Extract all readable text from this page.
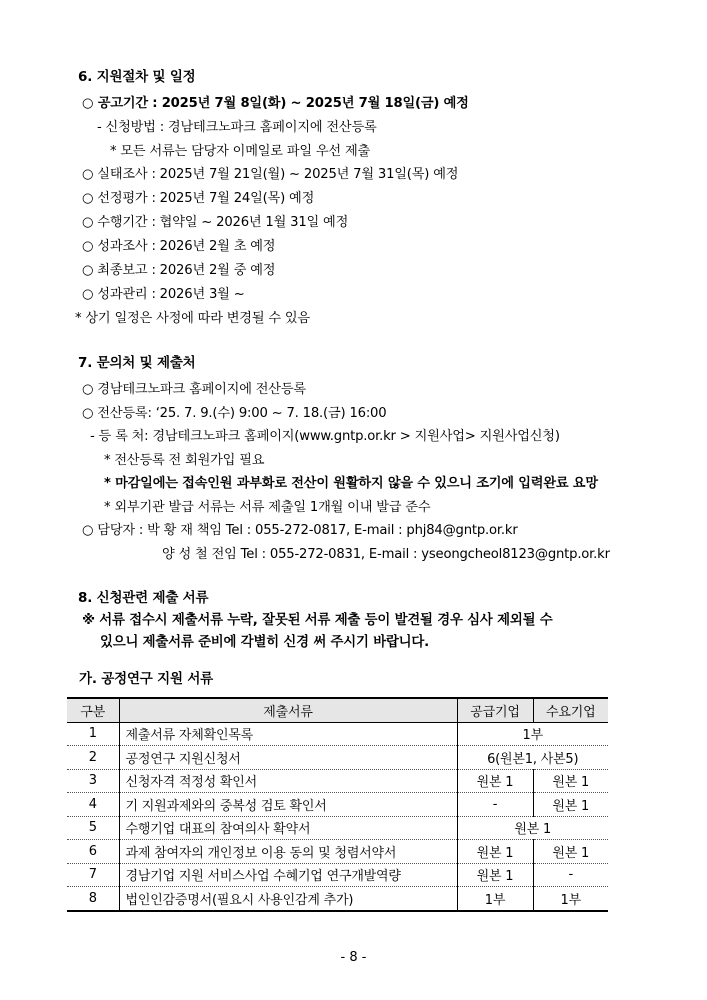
6. 지원절차 및 일정
○ 공고기간 : 2025년 7월 8일(화) ~ 2025년 7월 18일(금) 예정
- 신청방법 : 경남테크노파크 홈페이지에 전산등록
* 모든 서류는 담당자 이메일로 파일 우선 제출
○ 실태조사 : 2025년 7월 21일(월) ~ 2025년 7월 31일(목) 예정
○ 선정평가 : 2025년 7월 24일(목) 예정
○ 수행기간 : 협약일 ~ 2026년 1월 31일 예정
○ 성과조사 : 2026년 2월 초 예정
○ 최종보고 : 2026년 2월 중 예정
○ 성과관리 : 2026년 3월 ~
* 상기 일정은 사정에 따라 변경될 수 있음
7. 문의처 및 제출처
○ 경남테크노파크 홈페이지에 전산등록
○ 전산등록: ‘25. 7. 9.(수) 9:00 ~ 7. 18.(금) 16:00
- 등 록 처: 경남테크노파크 홈페이지(www.gntp.or.kr > 지원사업> 지원사업신청)
* 전산등록 전 회원가입 필요
* 마감일에는 접속인원 과부화로 전산이 원활하지 않을 수 있으니 조기에 입력완료 요망
* 외부기관 발급 서류는 서류 제출일 1개월 이내 발급 준수
○ 담당자 : 박 황 재 책임 Tel : 055-272-0817, E-mail : phj84@gntp.or.kr
양 성 철 전임 Tel : 055-272-0831, E-mail : yseongcheol8123@gntp.or.kr
8. 신청관련 제출 서류
※ 서류 접수시 제출서류 누락, 잘못된 서류 제출 등이 발견될 경우 심사 제외될 수
있으니 제출서류 준비에 각별히 신경 써 주시기 바랍니다.
가. 공정연구 지원 서류
구분	제출서류	공급기업	수요기업
1	제출서류 자체확인목록	1부	
2	공정연구 지원신청서	6(원본1, 사본5)	
3	신청자격 적정성 확인서	원본 1	원본 1
4	기 지원과제와의 중복성 검토 확인서	-	원본 1
5	수행기업 대표의 참여의사 확약서	원본 1	
6	과제 참여자의 개인정보 이용 동의 및 청렴서약서	원본 1	원본 1
7	경남기업 지원 서비스사업 수혜기업 연구개발역량	원본 1	-
8	법인인감증명서(필요시 사용인감계 추가)	1부	1부
- 8 -
